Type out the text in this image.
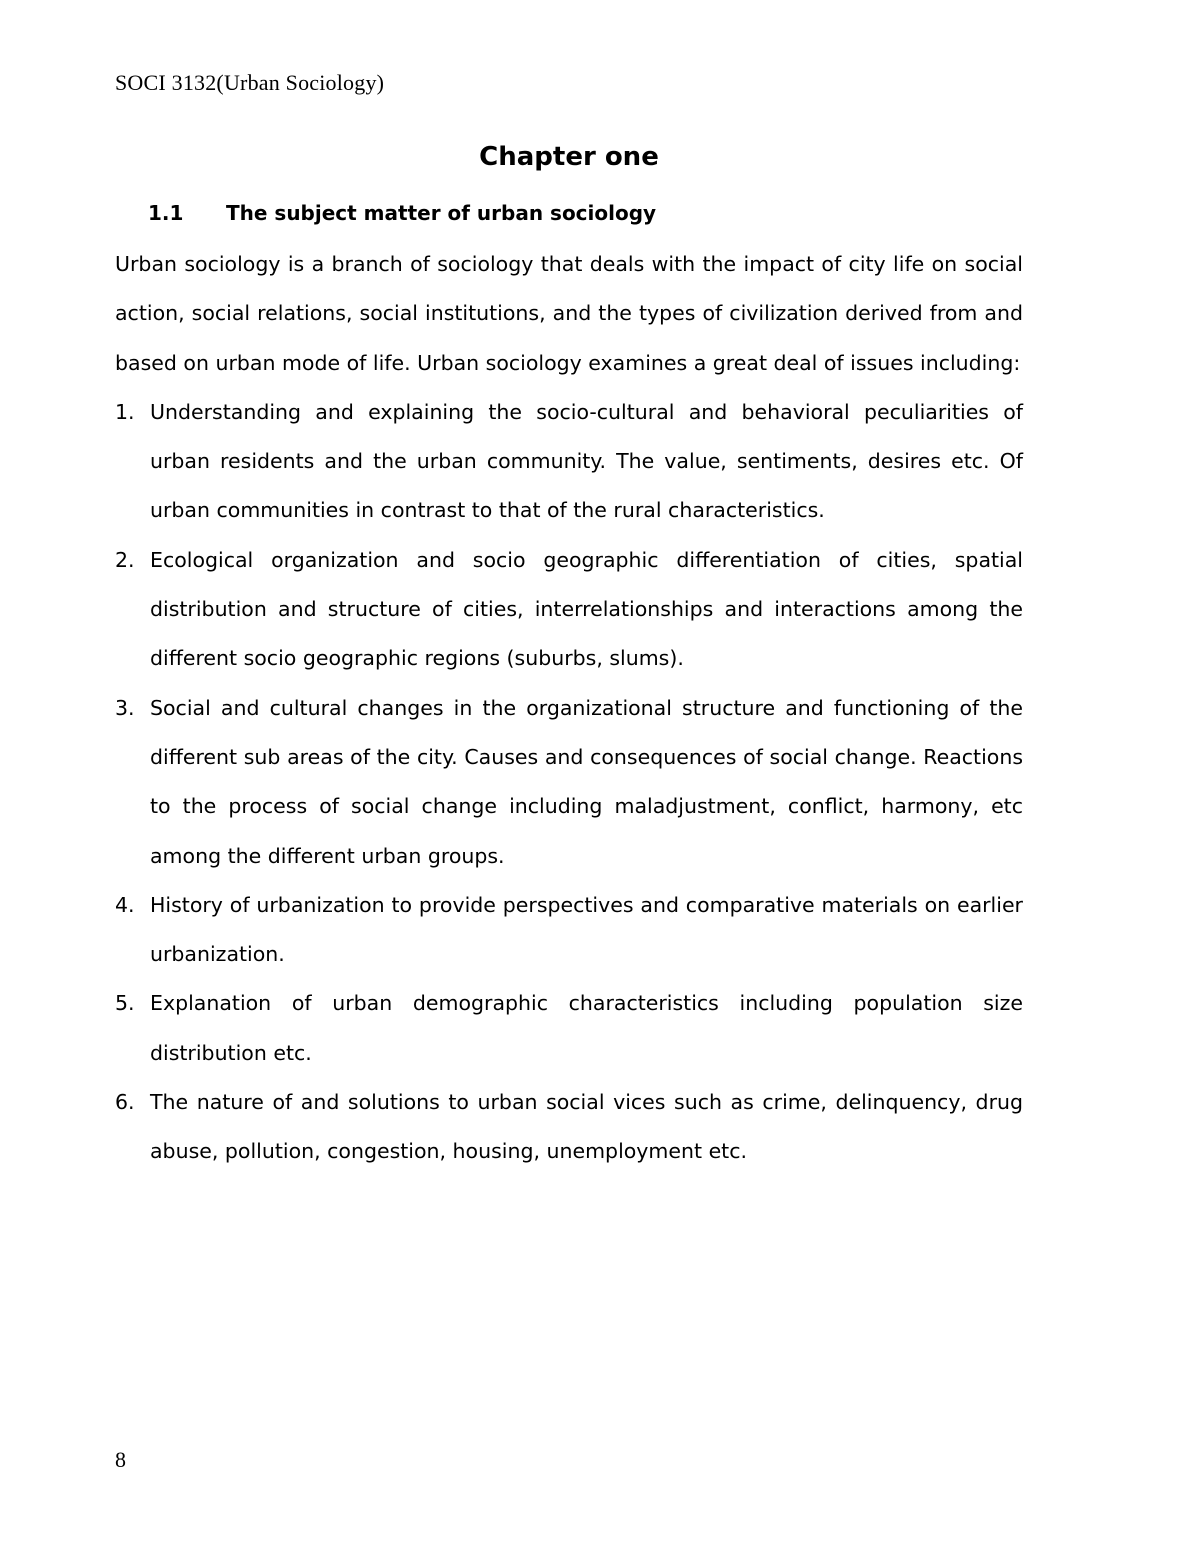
SOCI 3132(Urban Sociology)
Chapter one
1.1 The subject matter of urban sociology

Urban sociology is a branch of sociology that deals with the impact of city life on social action, social relations, social institutions, and the types of civilization derived from and based on urban mode of life. Urban sociology examines a great deal of issues including:

1. Understanding and explaining the socio-cultural and behavioral peculiarities of urban residents and the urban community. The value, sentiments, desires etc. Of urban communities in contrast to that of the rural characteristics.
2. Ecological organization and socio geographic differentiation of cities, spatial distribution and structure of cities, interrelationships and interactions among the different socio geographic regions (suburbs, slums).
3. Social and cultural changes in the organizational structure and functioning of the different sub areas of the city. Causes and consequences of social change. Reactions to the process of social change including maladjustment, conflict, harmony, etc among the different urban groups.
4. History of urbanization to provide perspectives and comparative materials on earlier urbanization.
5. Explanation of urban demographic characteristics including population size distribution etc.
6. The nature of and solutions to urban social vices such as crime, delinquency, drug abuse, pollution, congestion, housing, unemployment etc.
8
